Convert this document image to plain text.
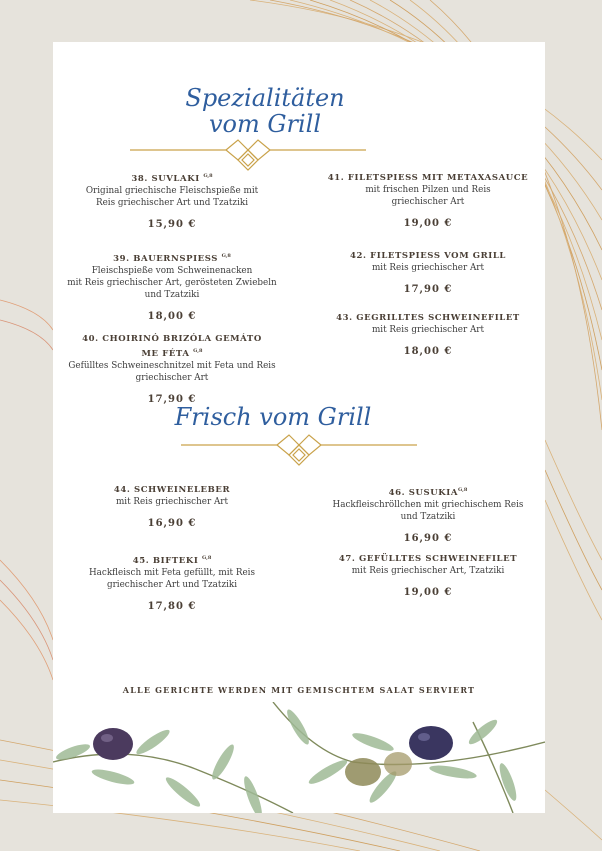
Spezialitäten
vom Grill
38. SUVLAKI $^{G,8}$
Original griechische Fleischspieße mit
Reis griechischer Art und Tzatziki
15,90 €
39. BAUERNSPIESS $^{G,8}$
Fleischspieße vom Schweinenacken
mit Reis griechischer Art, gerösteten Zwiebeln
und Tzatziki
18,00 €
40. CHOIRINÓ BRIZÓLA GEMÁTO
ME FÉTA $^{G,8}$
Gefülltes Schweineschnitzel mit Feta und Reis
griechischer Art
17,90 €
41. FILETSPIESS MIT METAXASAUCE
mit frischen Pilzen und Reis
griechischer Art
19,00 €
42. FILETSPIESS VOM GRILL
mit Reis griechischer Art
17,90 €
43. GEGRILLTES SCHWEINEFILET
mit Reis griechischer Art
18,00 €
Frisch vom Grill
44. SCHWEINELEBER
mit Reis griechischer Art
16,90 €
45. BIFTEKI $^{G,8}$
Hackfleisch mit Feta gefüllt, mit Reis
griechischer Art und Tzatziki
17,80 €
46. $SUSUKIA^{G,8}$
Hackfleischröllchen mit griechischem Reis
und Tzatziki
16,90 €
47. GEFÜLLTES SCHWEINEFILET
mit Reis griechischer Art, Tzatziki
19,00 €
ALLE GERICHTE WERDEN MIT GEMISCHTEM SALAT SERVIERT
